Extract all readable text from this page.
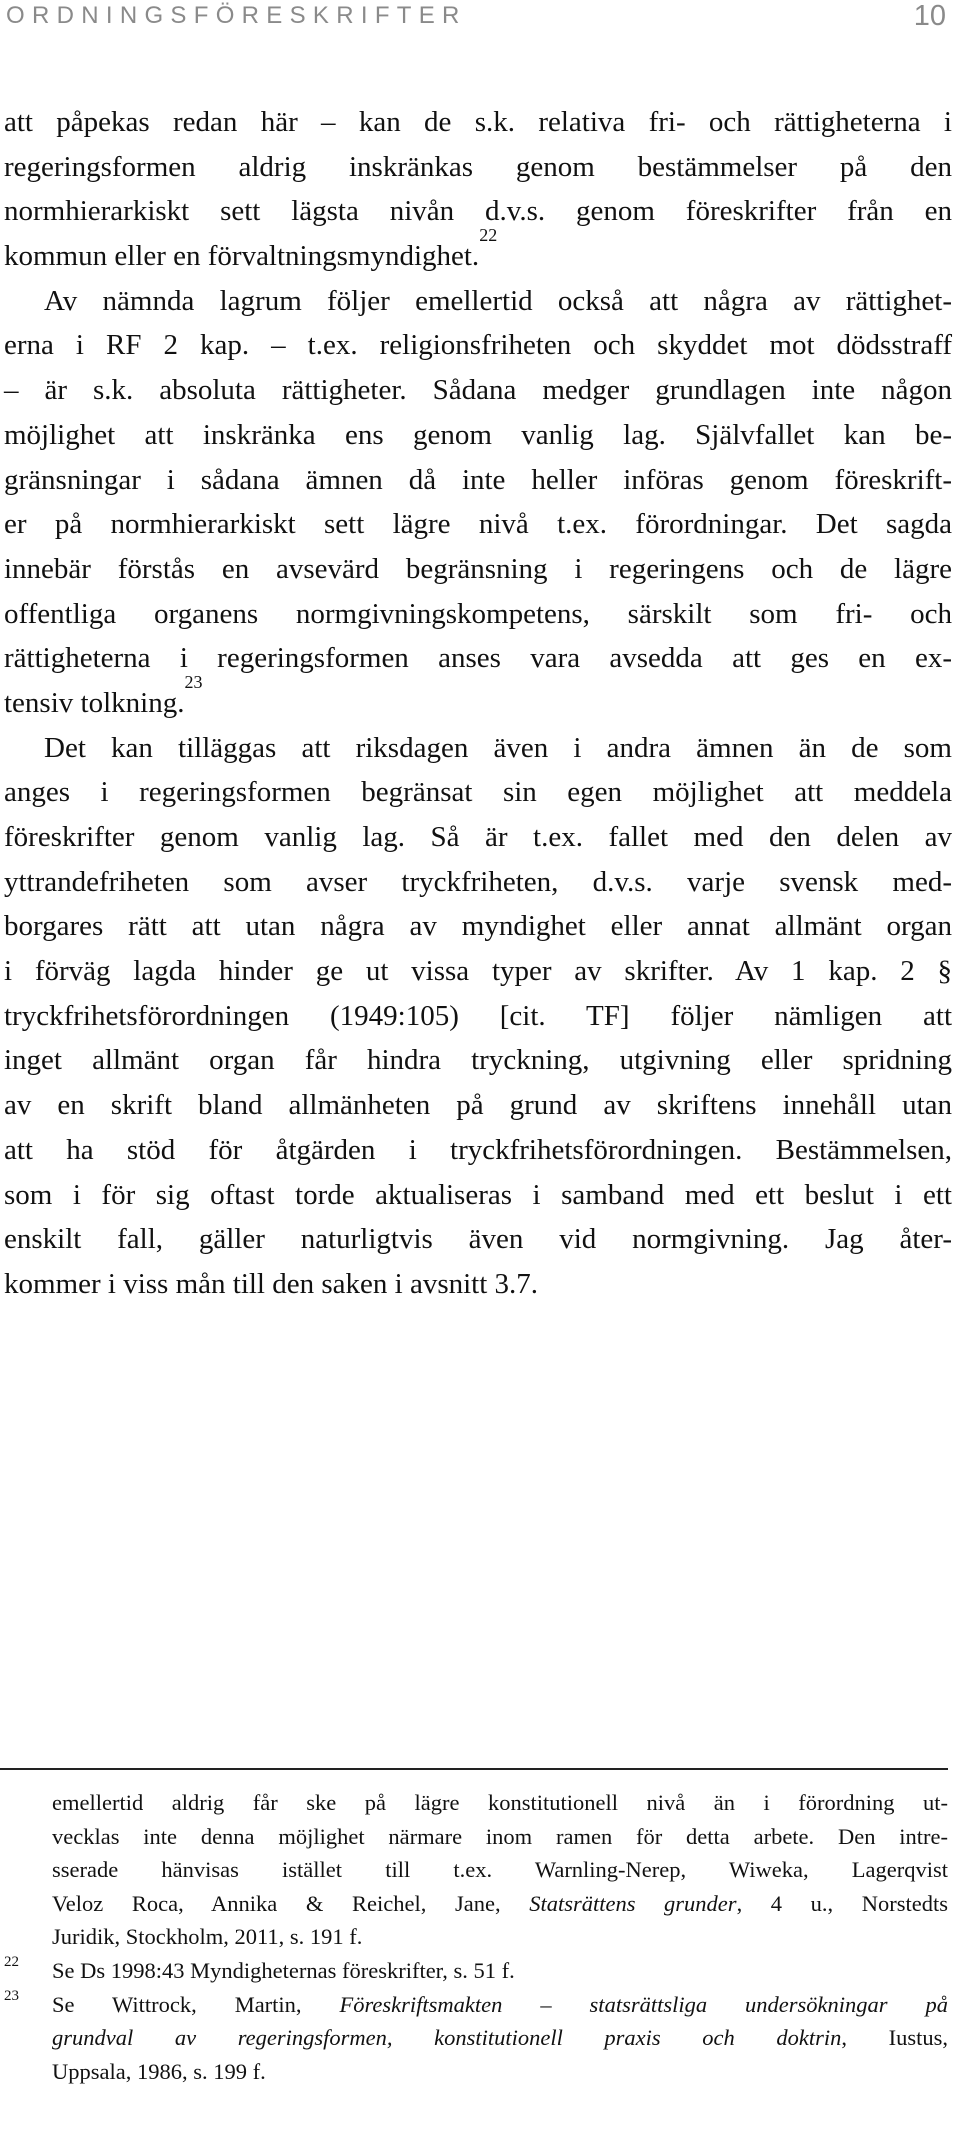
ORDNINGSFÖRESKRIFTER	10
att påpekas redan här – kan de s.k. relativa fri- och rättigheterna i
regeringsformen aldrig inskränkas genom bestämmelser på den
normhierarkiskt sett lägsta nivån d.v.s. genom föreskrifter från en
kommun eller en förvaltningsmyndighet.$^{22}$
Av nämnda lagrum följer emellertid också att några av rättighet-
erna i RF 2 kap. – t.ex. religionsfriheten och skyddet mot dödsstraff
– är s.k. absoluta rättigheter. Sådana medger grundlagen inte någon
möjlighet att inskränka ens genom vanlig lag. Självfallet kan be-
gränsningar i sådana ämnen då inte heller införas genom föreskrift-
er på normhierarkiskt sett lägre nivå t.ex. förordningar. Det sagda
innebär förstås en avsevärd begränsning i regeringens och de lägre
offentliga organens normgivningskompetens, särskilt som fri- och
rättigheterna i regeringsformen anses vara avsedda att ges en ex-
tensiv tolkning.$^{23}$
Det kan tilläggas att riksdagen även i andra ämnen än de som
anges i regeringsformen begränsat sin egen möjlighet att meddela
föreskrifter genom vanlig lag. Så är t.ex. fallet med den delen av
yttrandefriheten som avser tryckfriheten, d.v.s. varje svensk med-
borgares rätt att utan några av myndighet eller annat allmänt organ
i förväg lagda hinder ge ut vissa typer av skrifter. Av 1 kap. 2 §
tryckfrihetsförordningen (1949:105) [cit. TF] följer nämligen att
inget allmänt organ får hindra tryckning, utgivning eller spridning
av en skrift bland allmänheten på grund av skriftens innehåll utan
att ha stöd för åtgärden i tryckfrihetsförordningen. Bestämmelsen,
som i för sig oftast torde aktualiseras i samband med ett beslut i ett
enskilt fall, gäller naturligtvis även vid normgivning. Jag åter-
kommer i viss mån till den saken i avsnitt 3.7.
emellertid aldrig får ske på lägre konstitutionell nivå än i förordning ut-
vecklas inte denna möjlighet närmare inom ramen för detta arbete. Den intre-
sserade hänvisas istället till t.ex. Warnling-Nerep, Wiweka, Lagerqvist
Veloz Roca, Annika & Reichel, Jane, Statsrättens grunder, 4 u., Norstedts
Juridik, Stockholm, 2011, s. 191 f.
22 Se Ds 1998:43 Myndigheternas föreskrifter, s. 51 f.
23 Se Wittrock, Martin, Föreskriftsmakten – statsrättsliga undersökningar på
grundval av regeringsformen, konstitutionell praxis och doktrin, Iustus,
Uppsala, 1986, s. 199 f.
